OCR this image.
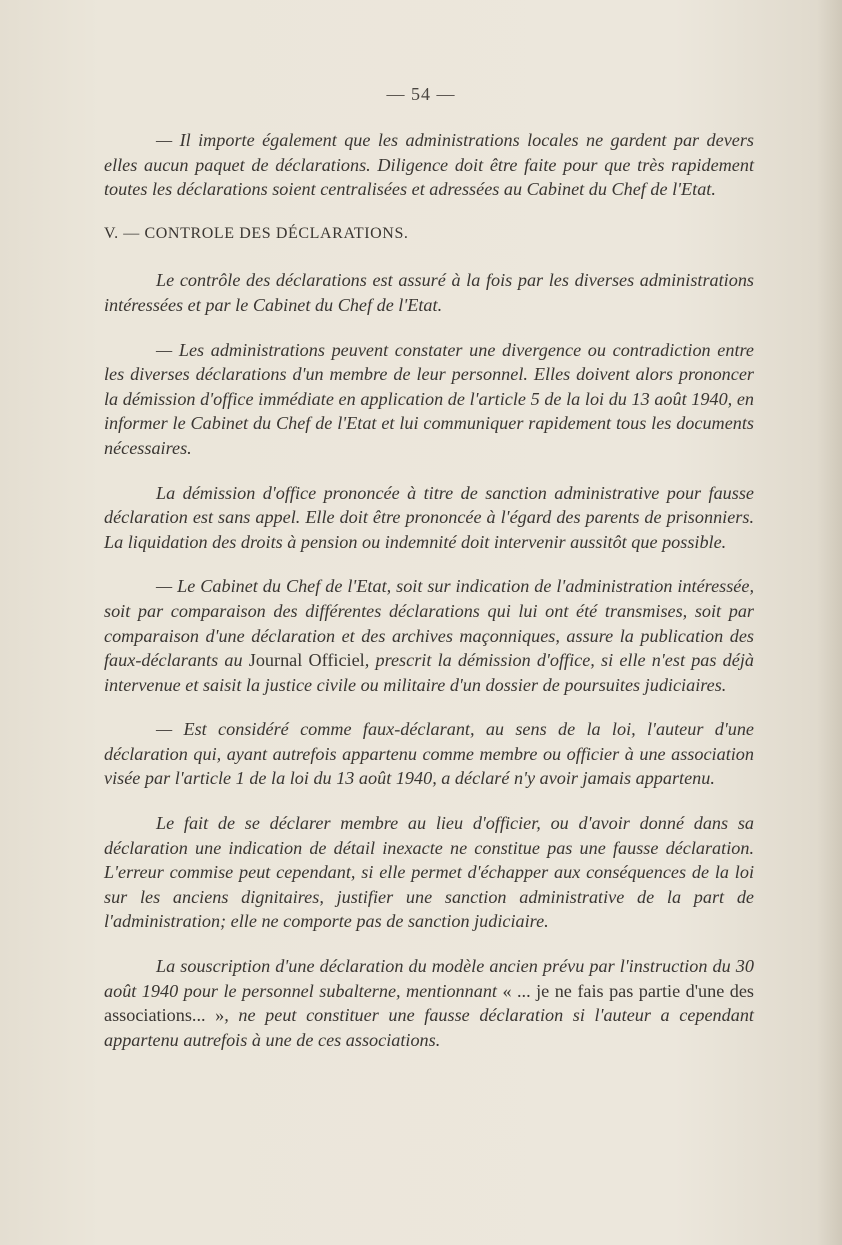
— 54 —

— Il importe également que les administrations locales ne gardent par devers elles aucun paquet de déclarations. Diligence doit être faite pour que très rapidement toutes les déclarations soient centralisées et adressées au Cabinet du Chef de l'Etat.

V. — CONTROLE DES DÉCLARATIONS.

Le contrôle des déclarations est assuré à la fois par les diverses administrations intéressées et par le Cabinet du Chef de l'Etat.

— Les administrations peuvent constater une divergence ou contradiction entre les diverses déclarations d'un membre de leur personnel. Elles doivent alors prononcer la démission d'office immédiate en application de l'article 5 de la loi du 13 août 1940, en informer le Cabinet du Chef de l'Etat et lui communiquer rapidement tous les documents nécessaires.

La démission d'office prononcée à titre de sanction administrative pour fausse déclaration est sans appel. Elle doit être prononcée à l'égard des parents de prisonniers. La liquidation des droits à pension ou indemnité doit intervenir aussitôt que possible.

— Le Cabinet du Chef de l'Etat, soit sur indication de l'administration intéressée, soit par comparaison des différentes déclarations qui lui ont été transmises, soit par comparaison d'une déclaration et des archives maçonniques, assure la publication des faux-déclarants au Journal Officiel, prescrit la démission d'office, si elle n'est pas déjà intervenue et saisit la justice civile ou militaire d'un dossier de poursuites judiciaires.

— Est considéré comme faux-déclarant, au sens de la loi, l'auteur d'une déclaration qui, ayant autrefois appartenu comme membre ou officier à une association visée par l'article 1 de la loi du 13 août 1940, a déclaré n'y avoir jamais appartenu.

Le fait de se déclarer membre au lieu d'officier, ou d'avoir donné dans sa déclaration une indication de détail inexacte ne constitue pas une fausse déclaration. L'erreur commise peut cependant, si elle permet d'échapper aux conséquences de la loi sur les anciens dignitaires, justifier une sanction administrative de la part de l'administration; elle ne comporte pas de sanction judiciaire.

La souscription d'une déclaration du modèle ancien prévu par l'instruction du 30 août 1940 pour le personnel subalterne, mentionnant « ... je ne fais pas partie d'une des associations... », ne peut constituer une fausse déclaration si l'auteur a cependant appartenu autrefois à une de ces associations.
